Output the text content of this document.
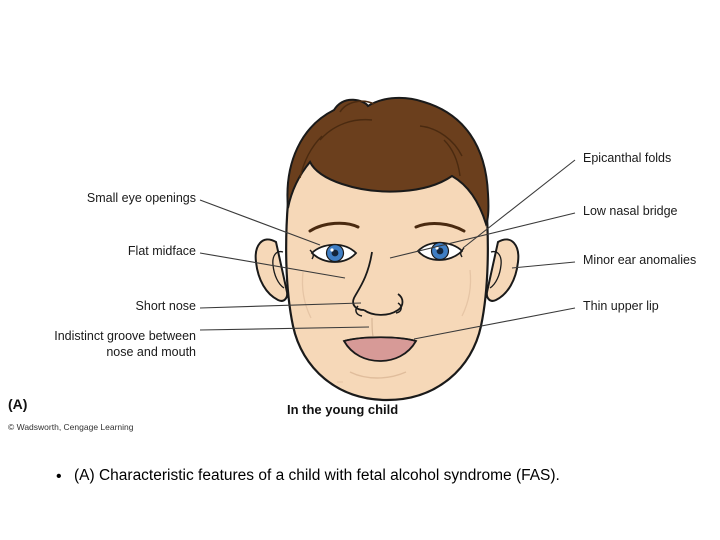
Small eye openings
Flat midface
Short nose
Indistinct groove between
nose and mouth
Epicanthal folds
Low nasal bridge
Minor ear anomalies
Thin upper lip
(A)	In the young child
© Wadsworth, Cengage Learning
• (A) Characteristic features of a child with fetal alcohol syndrome (FAS).
